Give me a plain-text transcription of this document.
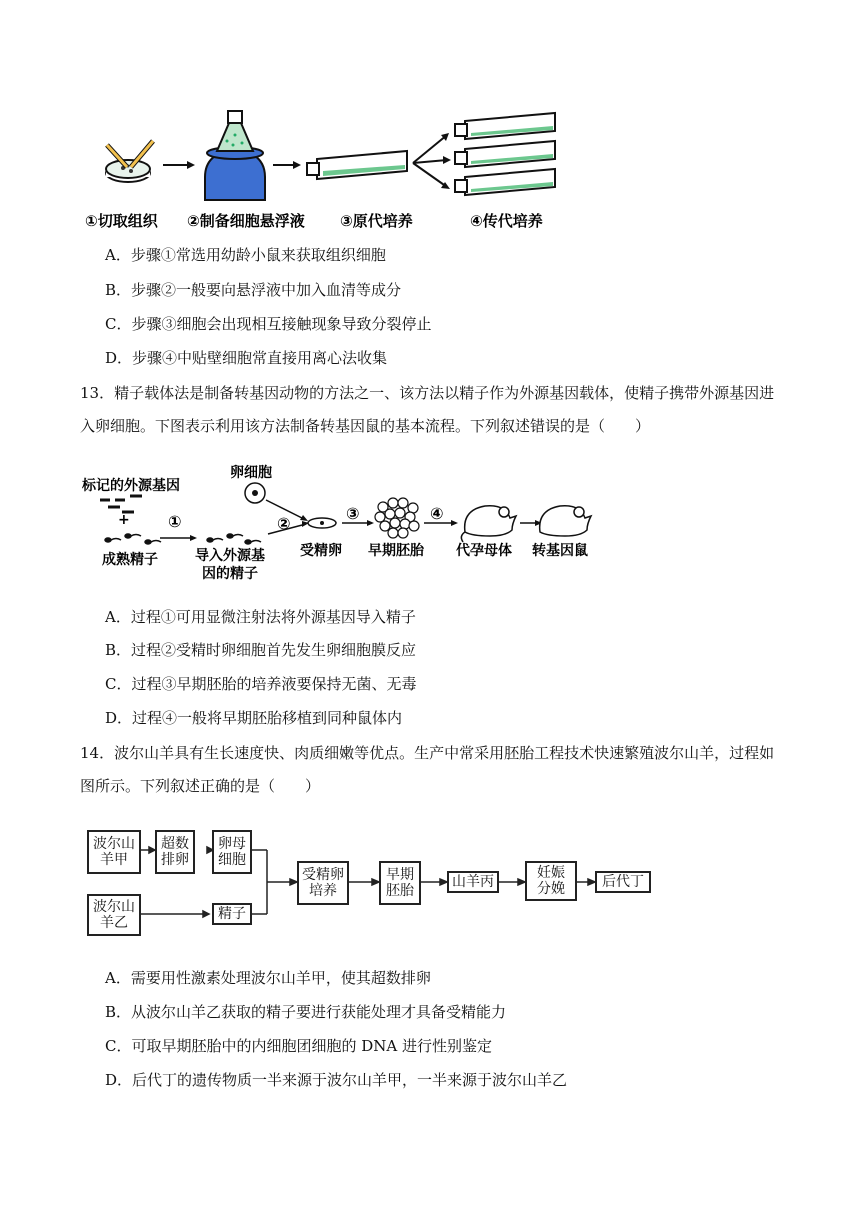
①切取组织 ②制备细胞悬浮液 ③原代培养	④传代培养
A．步骤①常选用幼龄小鼠来获取组织细胞
B．步骤②一般要向悬浮液中加入血清等成分
C．步骤③细胞会出现相互接触现象导致分裂停止
D．步骤④中贴壁细胞常直接用离心法收集
13．精子载体法是制备转基因动物的方法之一、该方法以精子作为外源基因载体，使精子携带外源基因进
入卵细胞。下图表示利用该方法制备转基因鼠的基本流程。下列叙述错误的是（　　）
标记的外源基因
+
成熟精子
①
导入外源基
因的精子
卵细胞
②
受精卵
③
早期胚胎
④
代孕母体 转基因鼠
A．过程①可用显微注射法将外源基因导入精子
B．过程②受精时卵细胞首先发生卵细胞膜反应
C．过程③早期胚胎的培养液要保持无菌、无毒
D．过程④一般将早期胚胎移植到同种鼠体内
14．波尔山羊具有生长速度快、肉质细嫩等优点。生产中常采用胚胎工程技术快速繁殖波尔山羊，过程如
图所示。下列叙述正确的是（　　）
波尔山
羊甲
超数
排卵
卵母
细胞
波尔山
羊乙
精子
受精卵
培养
早期
胚胎
山羊丙
妊娠
分娩	后代丁
A．需要用性激素处理波尔山羊甲，使其超数排卵
B．从波尔山羊乙获取的精子要进行获能处理才具备受精能力
C．可取早期胚胎中的内细胞团细胞的 DNA 进行性别鉴定
D．后代丁的遗传物质一半来源于波尔山羊甲，一半来源于波尔山羊乙
